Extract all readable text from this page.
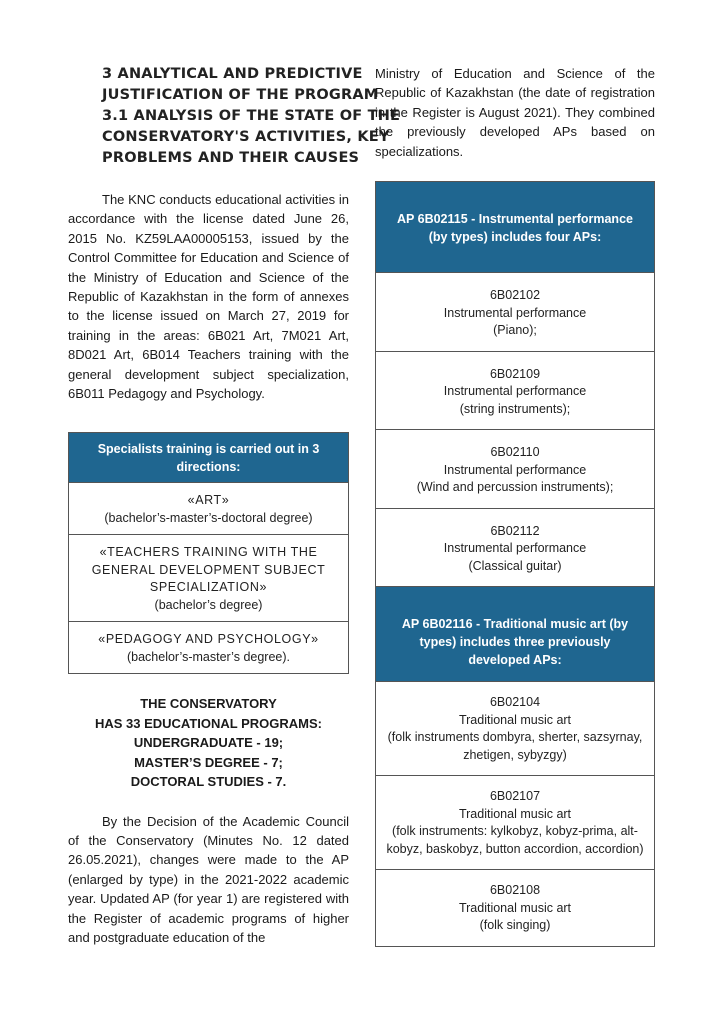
3 ANALYTICAL AND PREDICTIVE
JUSTIFICATION OF THE PROGRAM
3.1 ANALYSIS OF THE STATE OF THE
CONSERVATORY'S ACTIVITIES, KEY
PROBLEMS AND THEIR CAUSES

The KNC conducts educational activities in accordance with the license dated June 26, 2015 No. KZ59LAA00005153, issued by the Control Committee for Education and Science of the Ministry of Education and Science of the Republic of Kazakhstan in the form of annexes to the license issued on March 27, 2019 for training in the areas: 6B021 Art, 7M021 Art, 8D021 Art, 6B014 Teachers training with the general development subject specialization, 6B011 Pedagogy and Psychology.

Specialists training is carried out in 3 directions:
«ART»
(bachelor’s-master’s-doctoral degree)
«TEACHERS TRAINING WITH THE GENERAL DEVELOPMENT SUBJECT SPECIALIZATION»
(bachelor’s degree)
«PEDAGOGY AND PSYCHOLOGY»
(bachelor’s-master’s degree).

THE CONSERVATORY

HAS 33 EDUCATIONAL PROGRAMS:

UNDERGRADUATE - 19;

MASTER’S DEGREE - 7;

DOCTORAL STUDIES - 7.

By the Decision of the Academic Council of the Conservatory (Minutes No. 12 dated 26.05.2021), changes were made to the AP (enlarged by type) in the 2021-2022 academic year. Updated AP (for year 1) are registered with the Register of academic programs of higher and postgraduate education of the

Ministry of Education and Science of the Republic of Kazakhstan (the date of registration in the Register is August 2021). They combined the previously developed APs based on specializations.

AP 6B02115 - Instrumental performance (by types) includes four APs:
6B02102
Instrumental performance
(Piano);
6B02109
Instrumental performance
(string instruments);
6B02110
Instrumental performance
(Wind and percussion instruments);
6B02112
Instrumental performance
(Classical guitar)
AP 6B02116 - Traditional music art (by types) includes three previously developed APs:
6B02104
Traditional music art
(folk instruments dombyra, sherter, sazsyrnay, zhetigen, sybyzgy)
6B02107
Traditional music art
(folk instruments: kylkobyz, kobyz-prima, alt-kobyz, baskobyz, button accordion, accordion)
6B02108
Traditional music art
(folk singing)
